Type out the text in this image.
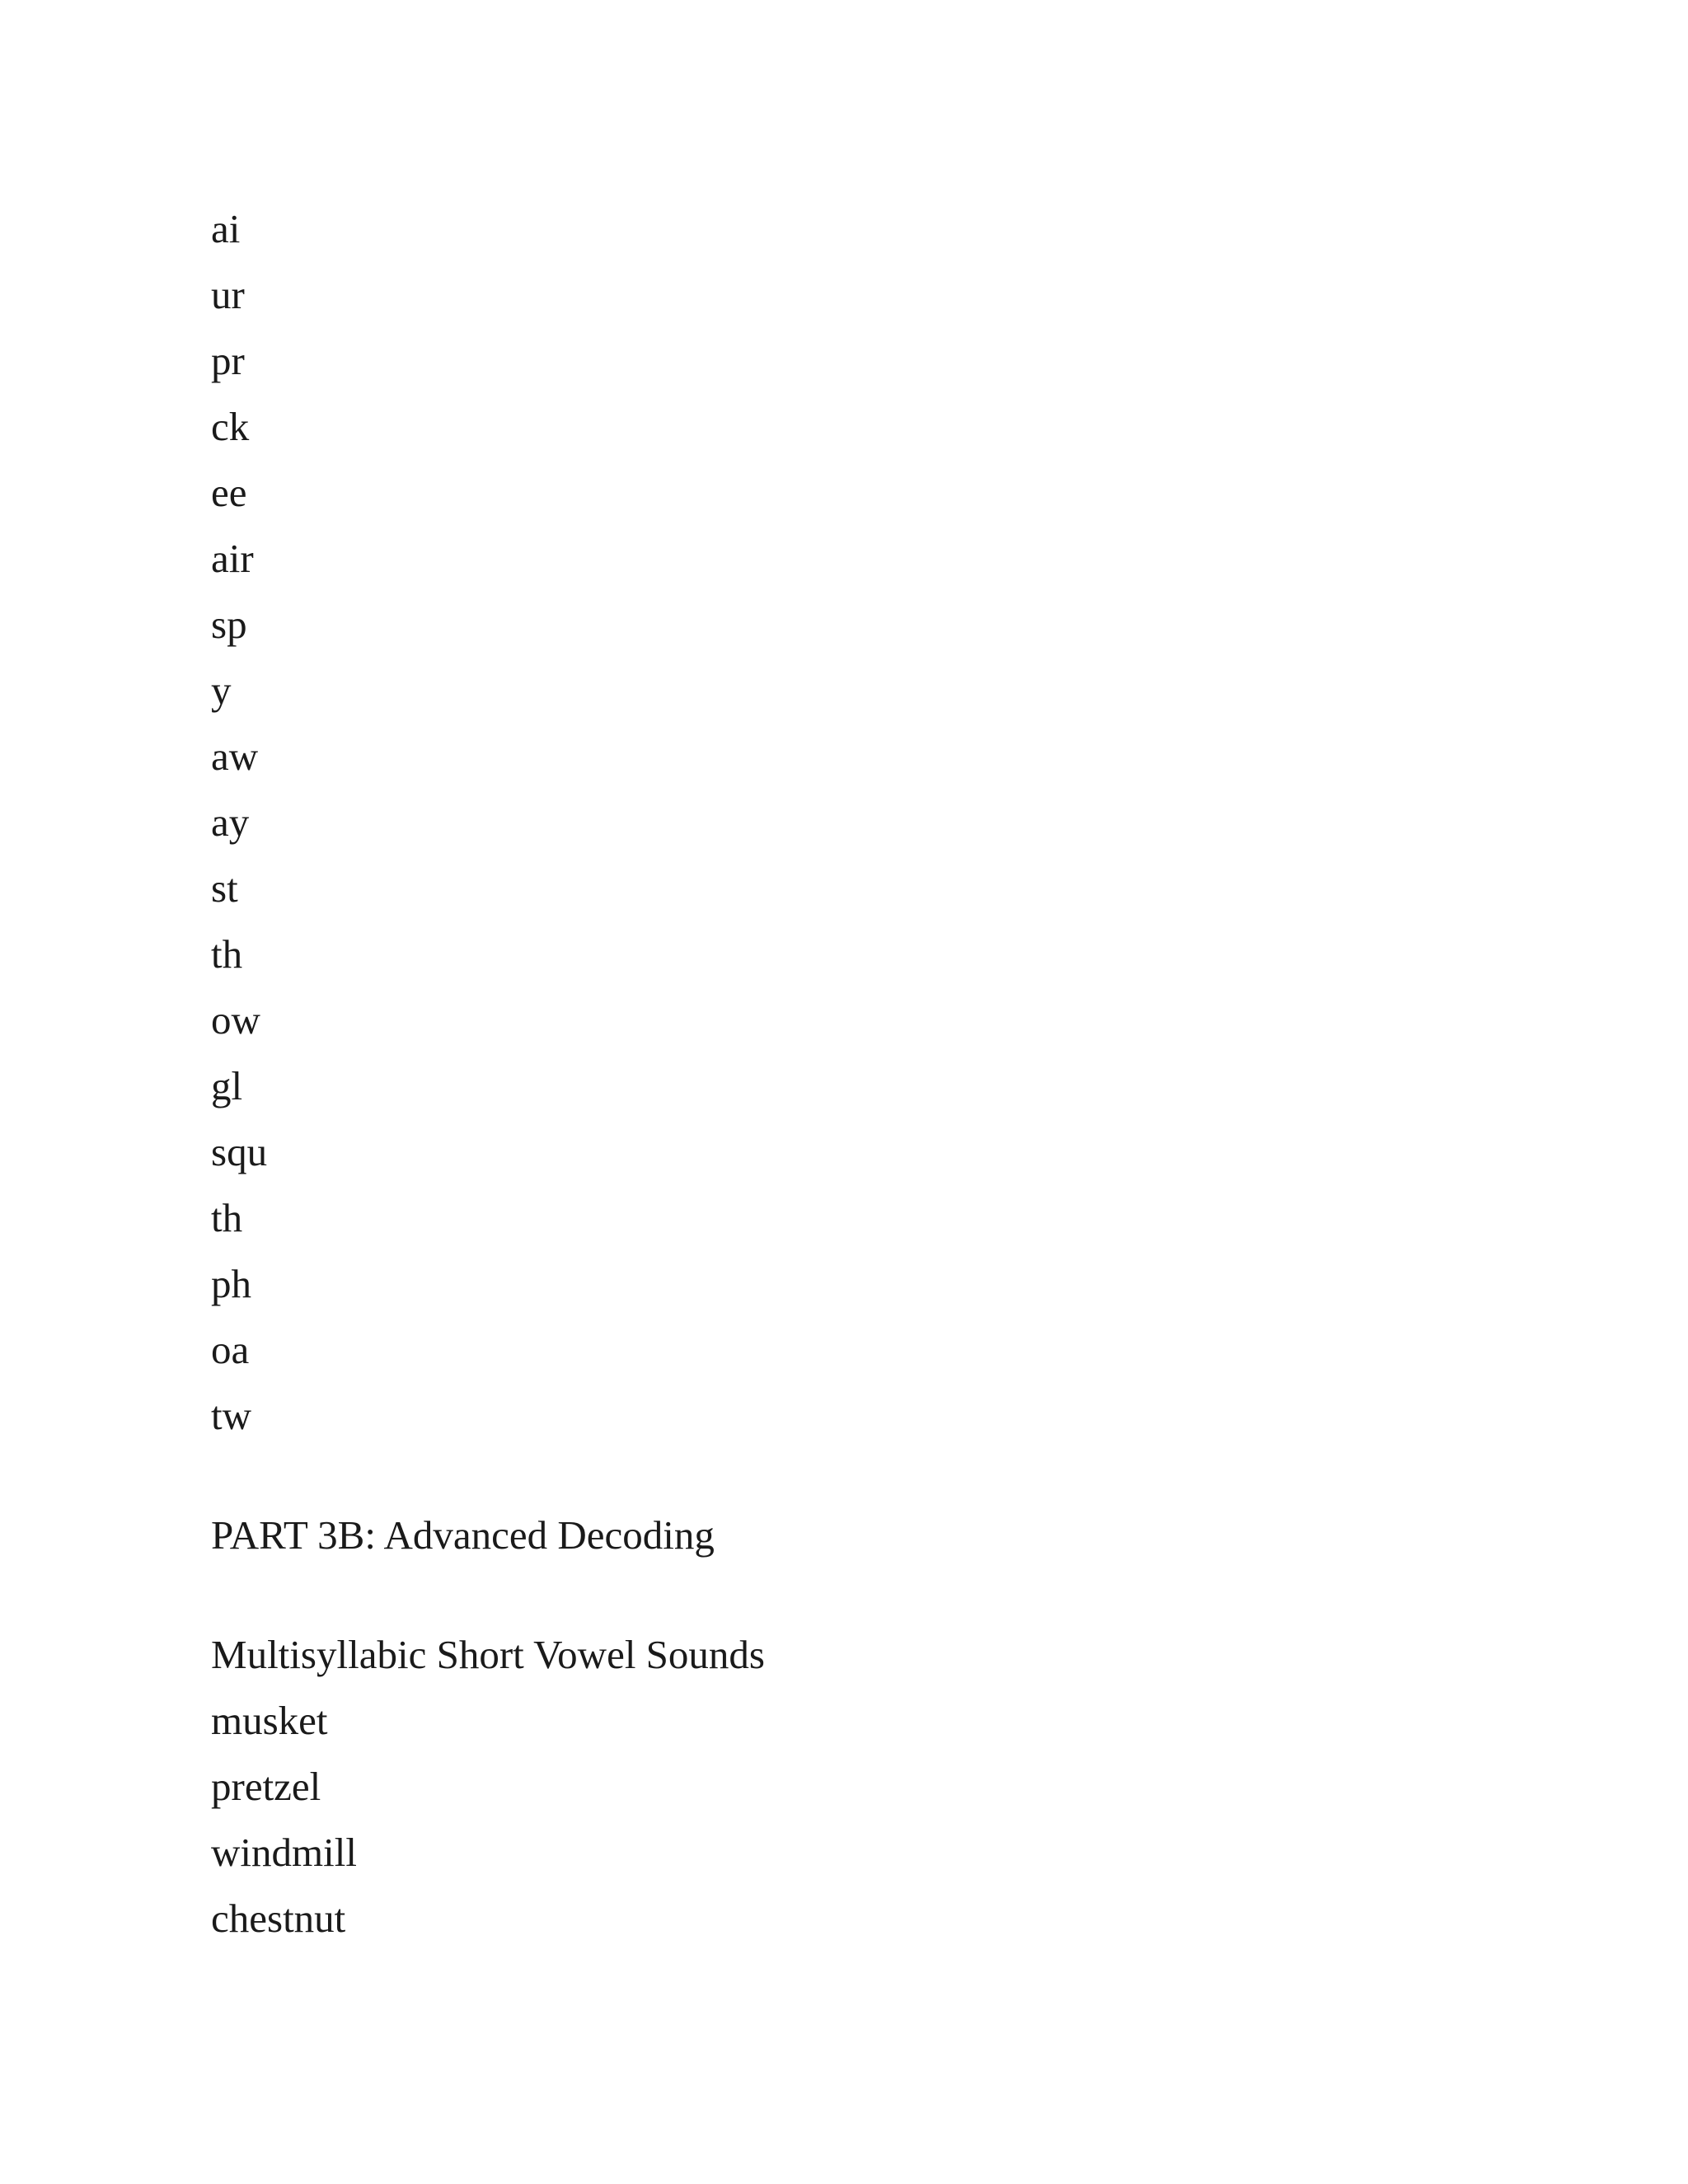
ai
ur
pr
ck
ee
air
sp
y
aw
ay
st
th
ow
gl
squ
th
ph
oa
tw
PART 3B: Advanced Decoding
Multisyllabic Short Vowel Sounds
musket
pretzel
windmill
chestnut
